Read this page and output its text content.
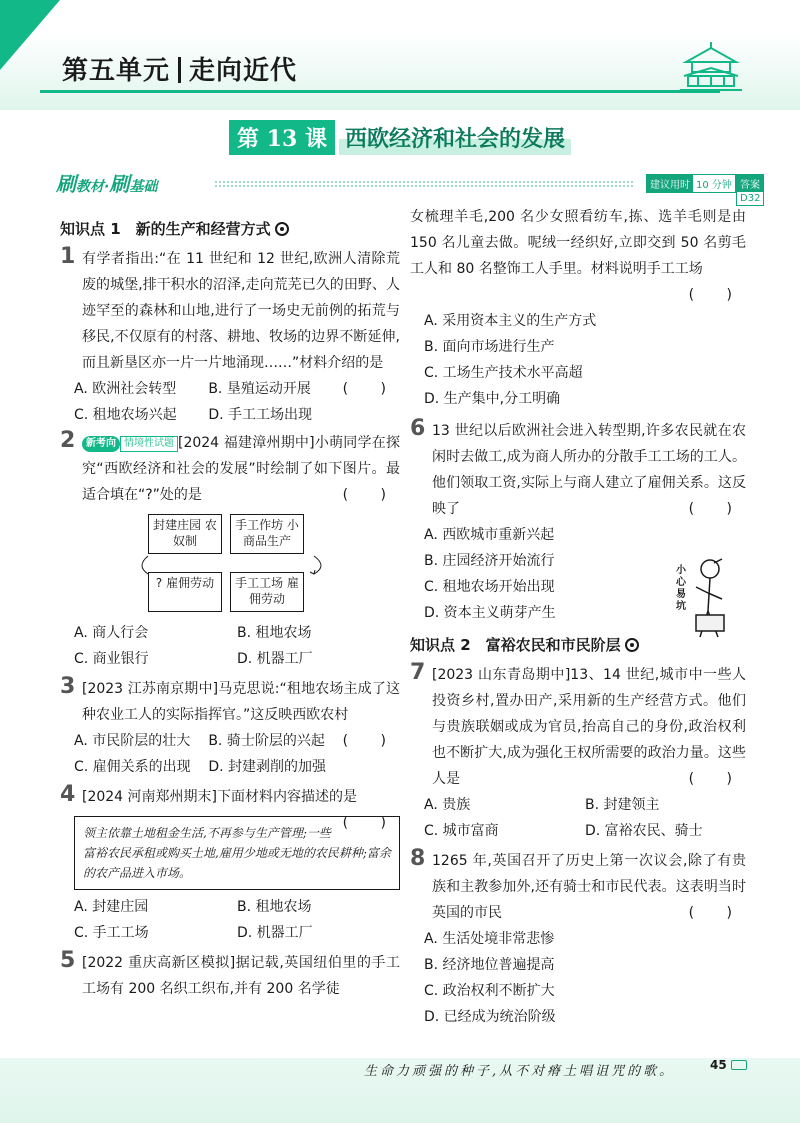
第五单元 走向近代
第 13 课 西欧经济和社会的发展
刷教材·刷基础	建议用时 10 分钟 答案D32
知识点 1　新的生产和经营方式
1 有学者指出:“在 11 世纪和 12 世纪,欧洲人清除荒废的城堡,排干积水的沼泽,走向荒芜已久的田野、人迹罕至的森林和山地,进行了一场史无前例的拓荒与移民,不仅原有的村落、耕地、牧场的边界不断延伸,而且新垦区亦一片一片地涌现……”材料介绍的是
( )
A. 欧洲社会转型	B. 垦殖运动开展
C. 租地农场兴起	D. 手工工场出现
2 新考向 情境性试题 [2024 福建漳州期中]小萌同学在探究“西欧经济和社会的发展”时绘制了如下图片。最适合填在“?”处的是	( )
封建庄园 农奴制
手工作坊 小商品生产
? 雇佣劳动	手工工场 雇佣劳动
A. 商人行会	B. 租地农场
C. 商业银行	D. 机器工厂
3 [2023 江苏南京期中]马克思说:“租地农场主成了这种农业工人的实际指挥官。”这反映西欧农村
( )
A. 市民阶层的壮大	B. 骑士阶层的兴起
C. 雇佣关系的出现	D. 封建剥削的加强
4 [2024 河南郑州期末]下面材料内容描述的是
( )
领主依靠土地租金生活,不再参与生产管理;一些富裕农民承租或购买土地,雇用少地或无地的农民耕种;富余的农产品进入市场。
A. 封建庄园	B. 租地农场
C. 手工工场	D. 机器工厂
5 [2022 重庆高新区模拟]据记载,英国纽伯里的手工工场有 200 名织工织布,并有 200 名学徒
女梳理羊毛,200 名少女照看纺车,拣、选羊毛则是由 150 名儿童去做。呢绒一经织好,立即交到 50 名剪毛工人和 80 名整饰工人手里。材料说明手工工场
( )
A. 采用资本主义的生产方式
B. 面向市场进行生产
C. 工场生产技术水平高超
D. 生产集中,分工明确
6 13 世纪以后欧洲社会进入转型期,许多农民就在农闲时去做工,成为商人所办的分散手工工场的工人。他们领取工资,实际上与商人建立了雇佣关系。这反映了	( )
A. 西欧城市重新兴起
B. 庄园经济开始流行
C. 租地农场开始出现
D. 资本主义萌芽产生
知识点 2　富裕农民和市民阶层
7 [2023 山东青岛期中]13、14 世纪,城市中一些人投资乡村,置办田产,采用新的生产经营方式。他们与贵族联姻或成为官员,抬高自己的身份,政治权利也不断扩大,成为强化王权所需要的政治力量。这些人是	( )
A. 贵族	B. 封建领主
C. 城市富商	D. 富裕农民、骑士
8 1265 年,英国召开了历史上第一次议会,除了有贵族和主教参加外,还有骑士和市民代表。这表明当时英国的市民	( )
A. 生活处境非常悲惨
B. 经济地位普遍提高
C. 政治权利不断扩大
D. 已经成为统治阶级
小心易坑
生命力顽强的种子,从不对瘠土唱诅咒的歌。	45
